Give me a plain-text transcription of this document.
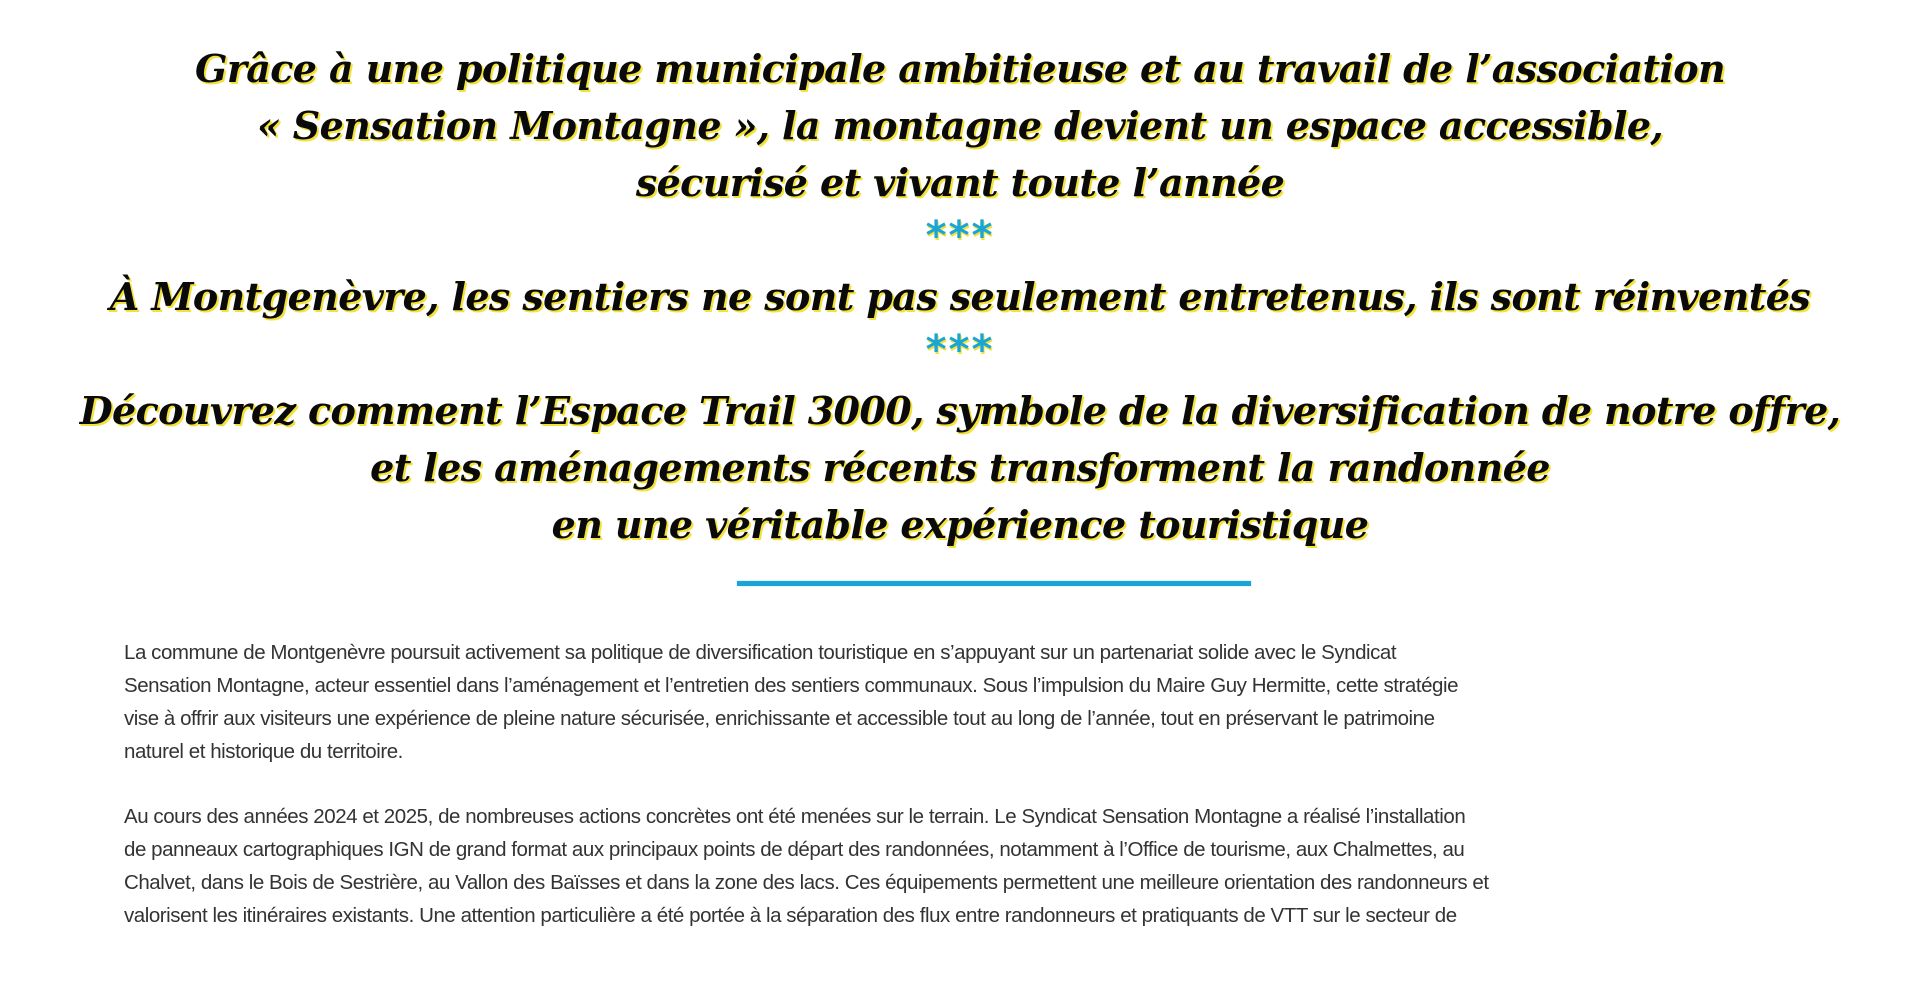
Grâce à une politique municipale ambitieuse et au travail de l’association
« Sensation Montagne », la montagne devient un espace accessible,
sécurisé et vivant toute l’année
***
À Montgenèvre, les sentiers ne sont pas seulement entretenus, ils sont réinventés
***
Découvrez comment l’Espace Trail 3000, symbole de la diversification de notre offre,
et les aménagements récents transforment la randonnée
en une véritable expérience touristique

La commune de Montgenèvre poursuit activement sa politique de diversification touristique en s’appuyant sur un partenariat solide avec le Syndicat
Sensation Montagne, acteur essentiel dans l’aménagement et l’entretien des sentiers communaux. Sous l’impulsion du Maire Guy Hermitte, cette stratégie
vise à offrir aux visiteurs une expérience de pleine nature sécurisée, enrichissante et accessible tout au long de l’année, tout en préservant le patrimoine
naturel et historique du territoire.

Au cours des années 2024 et 2025, de nombreuses actions concrètes ont été menées sur le terrain. Le Syndicat Sensation Montagne a réalisé l’installation
de panneaux cartographiques IGN de grand format aux principaux points de départ des randonnées, notamment à l’Office de tourisme, aux Chalmettes, au
Chalvet, dans le Bois de Sestrière, au Vallon des Baïsses et dans la zone des lacs. Ces équipements permettent une meilleure orientation des randonneurs et
valorisent les itinéraires existants. Une attention particulière a été portée à la séparation des flux entre randonneurs et pratiquants de VTT sur le secteur de
